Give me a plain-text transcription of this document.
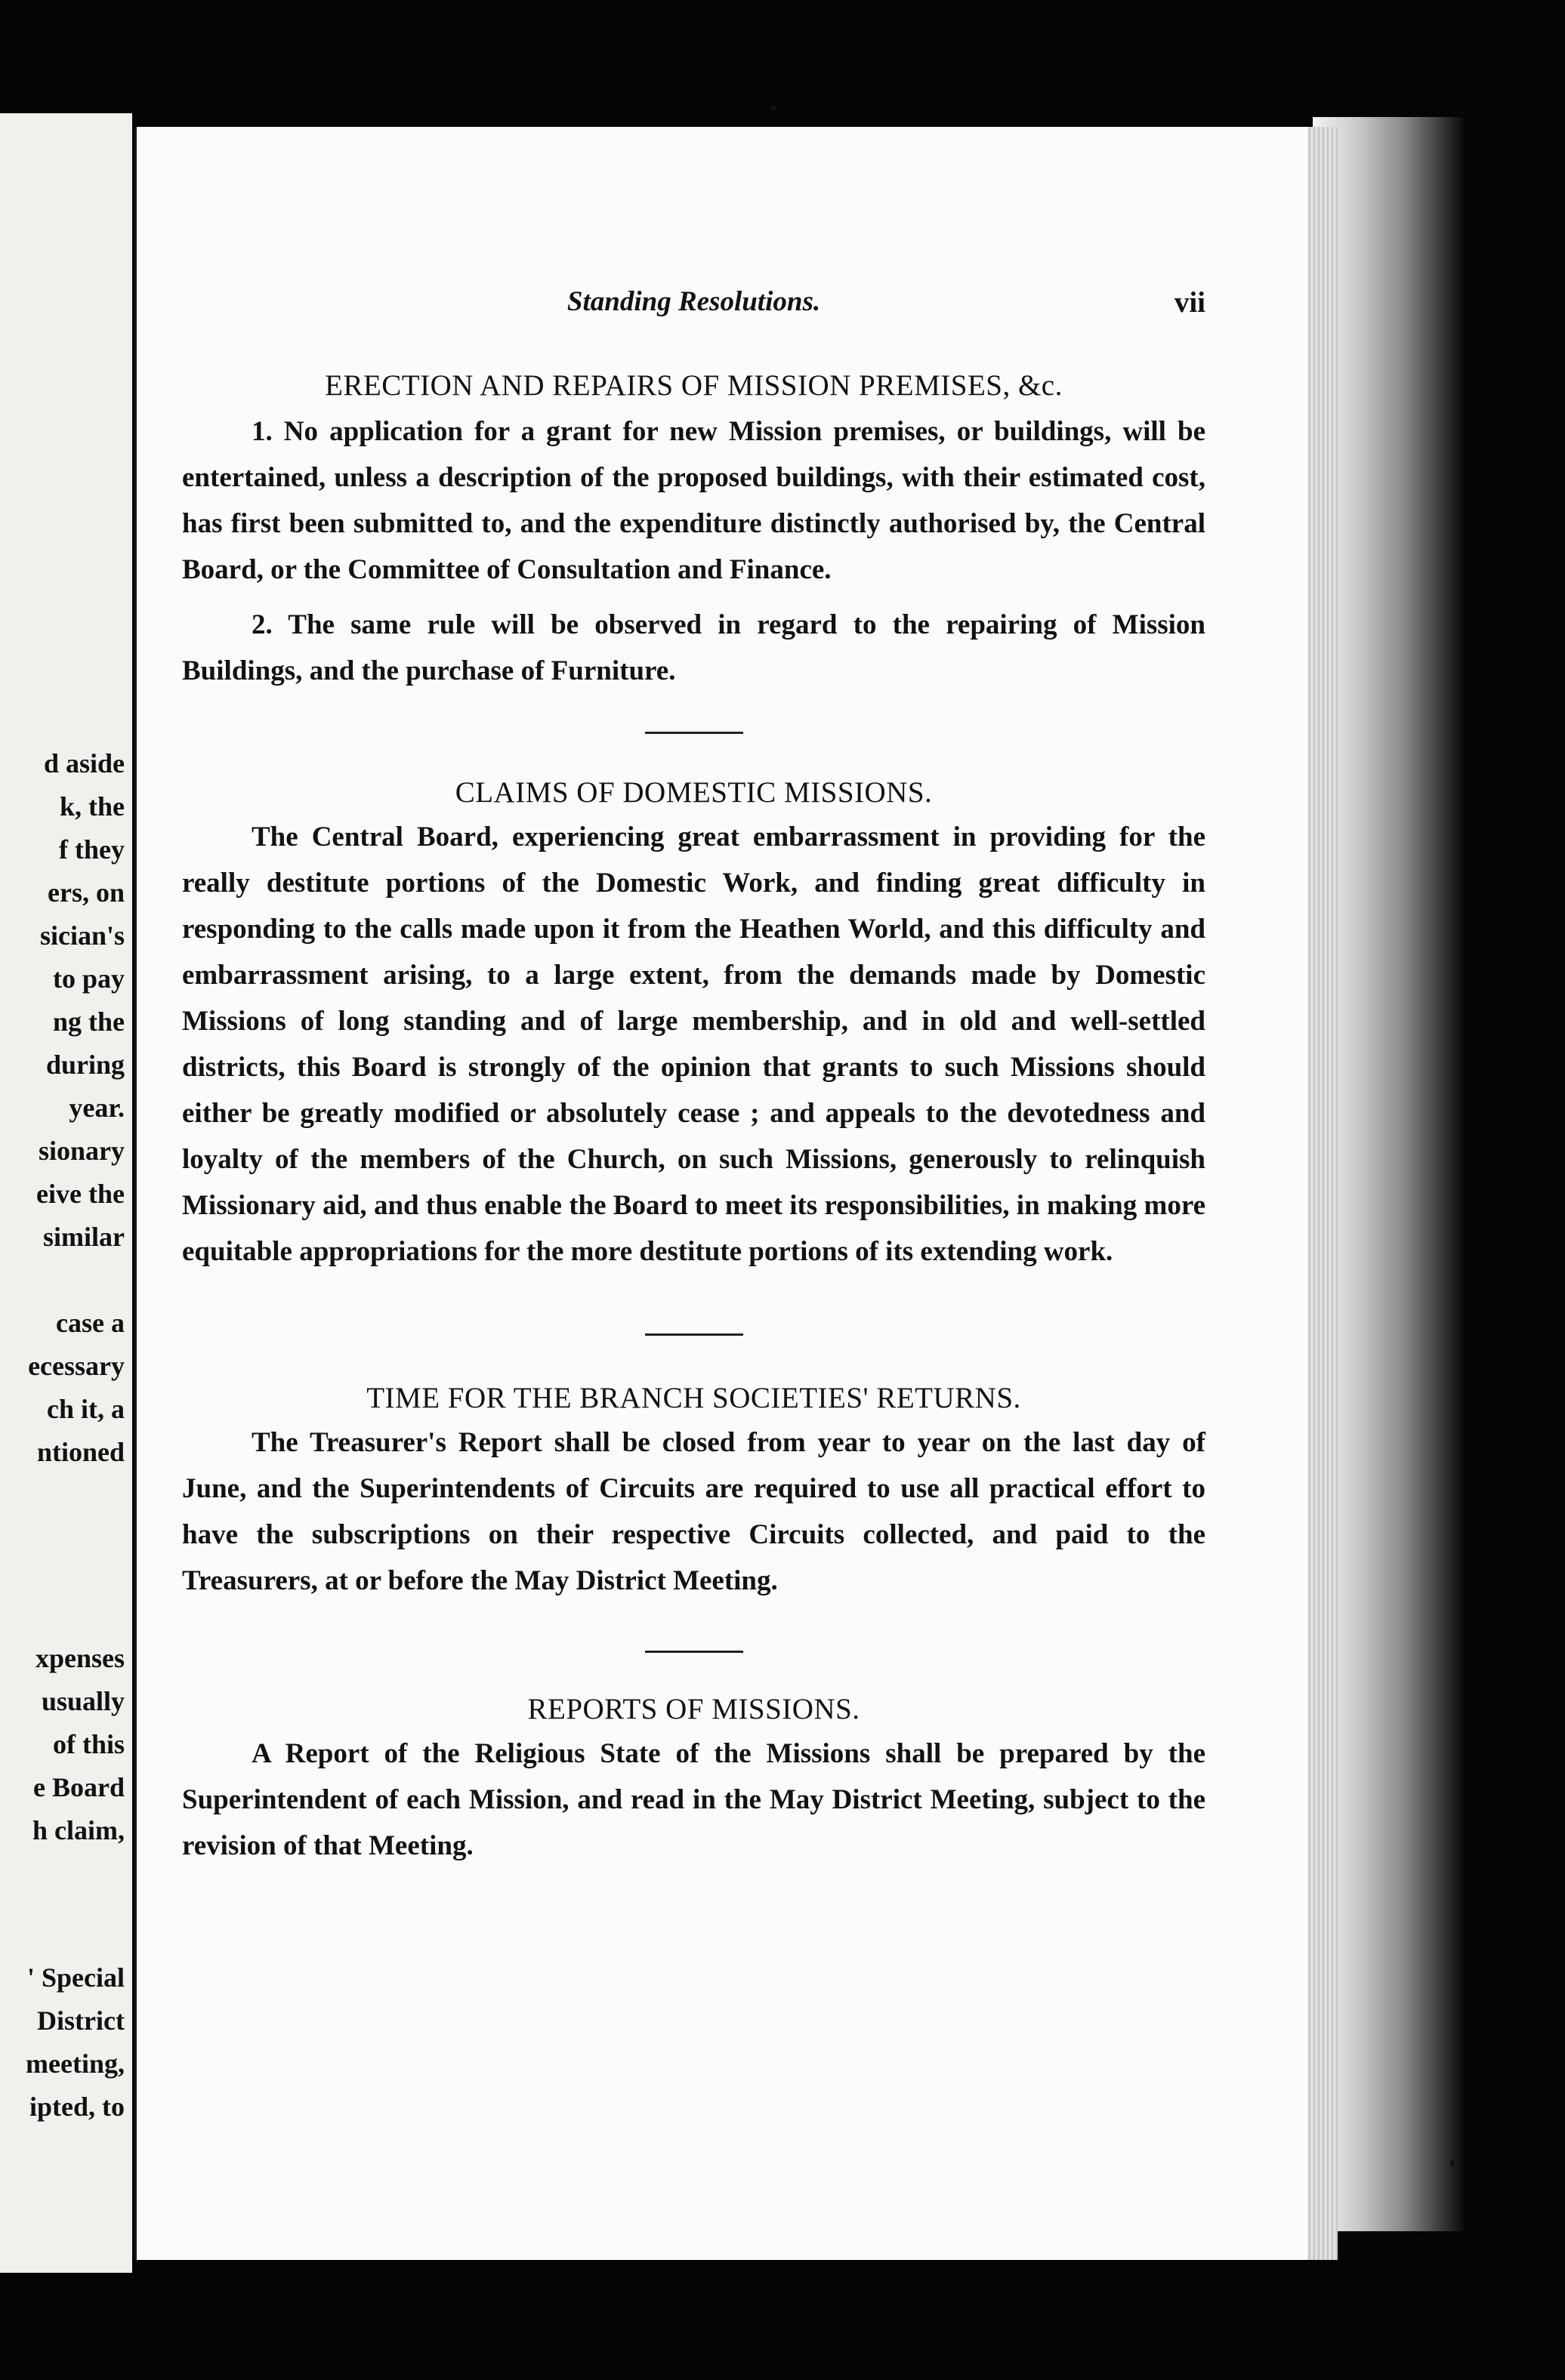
d aside
k, the
f they
ers, on
sician's
to pay
ng the
during
year.
sionary
eive the
similar
case a
ecessary
ch it, a
ntioned
xpenses
usually
of this
e Board
h claim,
' Special
District
meeting,
ipted, to
Standing Resolutions.	vii
ERECTION AND REPAIRS OF MISSION PREMISES, &c.

1. No application for a grant for new Mission premises, or buildings, will be entertained, unless a description of the proposed buildings, with their estimated cost, has first been submitted to, and the expenditure distinctly authorised by, the Central Board, or the Committee of Consultation and Finance.

2. The same rule will be observed in regard to the repairing of Mission Buildings, and the purchase of Furniture.

CLAIMS OF DOMESTIC MISSIONS.

The Central Board, experiencing great embarrassment in providing for the really destitute portions of the Domestic Work, and finding great difficulty in responding to the calls made upon it from the Heathen World, and this difficulty and embarrassment arising, to a large extent, from the demands made by Domestic Missions of long standing and of large membership, and in old and well-settled districts, this Board is strongly of the opinion that grants to such Missions should either be greatly modified or absolutely cease ; and appeals to the devotedness and loyalty of the members of the Church, on such Missions, generously to relinquish Missionary aid, and thus enable the Board to meet its responsibilities, in making more equitable appropriations for the more destitute portions of its extending work.

TIME FOR THE BRANCH SOCIETIES' RETURNS.

The Treasurer's Report shall be closed from year to year on the last day of June, and the Superintendents of Circuits are required to use all practical effort to have the subscriptions on their respective Circuits collected, and paid to the Treasurers, at or before the May District Meeting.

REPORTS OF MISSIONS.

A Report of the Religious State of the Missions shall be prepared by the Superintendent of each Mission, and read in the May District Meeting, subject to the revision of that Meeting.
